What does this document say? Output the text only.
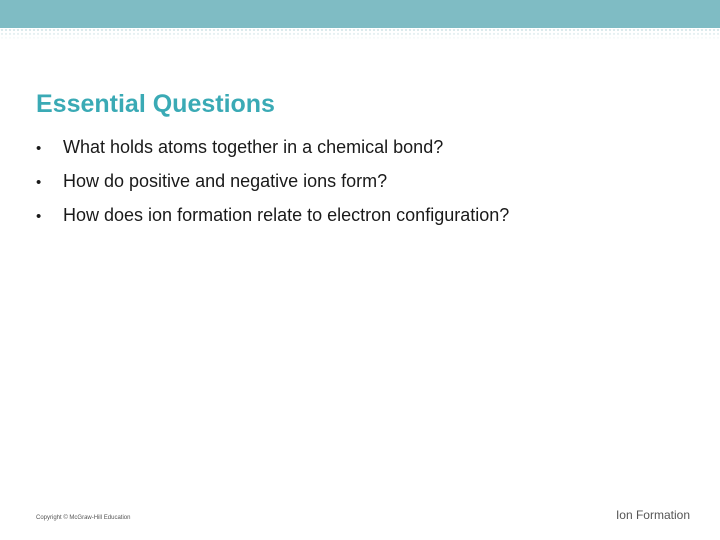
Essential Questions
•	What holds atoms together in a chemical bond?
•	How do positive and negative ions form?
•	How does ion formation relate to electron configuration?
Copyright © McGraw-Hill Education	Ion Formation
